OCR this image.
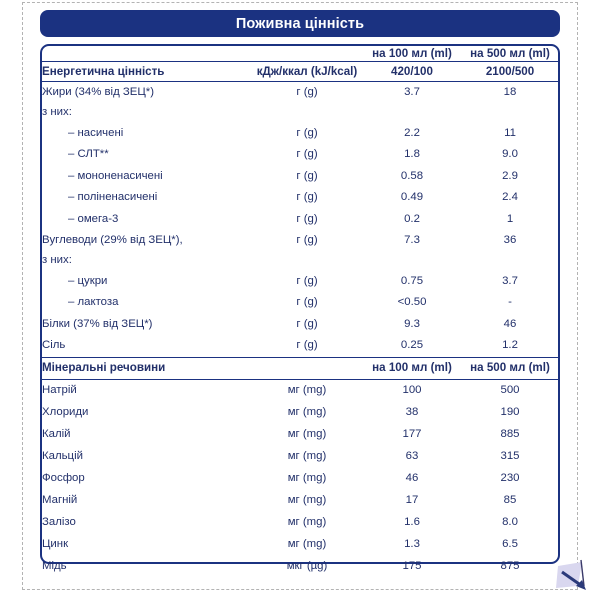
Поживна цінність
		на 100 мл (ml)	на 500 мл (ml)
Енергетична цінність	кДж/ккал (kJ/kcal)	420/100	2100/500
Жири (34% від ЗЕЦ*)	г (g)	3.7	18
з них:			
– насичені	г (g)	2.2	11
– СЛТ**	г (g)	1.8	9.0
– мононенасичені	г (g)	0.58	2.9
– поліненасичені	г (g)	0.49	2.4
– омега-3	г (g)	0.2	1
Вуглеводи (29% від ЗЕЦ*),	г (g)	7.3	36
з них:			
– цукри	г (g)	0.75	3.7
– лактоза	г (g)	<0.50	-
Білки (37% від ЗЕЦ*)	г (g)	9.3	46
Сіль	г (g)	0.25	1.2
Мінеральні речовини		на 100 мл (ml)	на 500 мл (ml)
Натрій	мг (mg)	100	500
Хлориди	мг (mg)	38	190
Калій	мг (mg)	177	885
Кальцій	мг (mg)	63	315
Фосфор	мг (mg)	46	230
Магній	мг (mg)	17	85
Залізо	мг (mg)	1.6	8.0
Цинк	мг (mg)	1.3	6.5
Мідь	мкг (µg)	175	875
